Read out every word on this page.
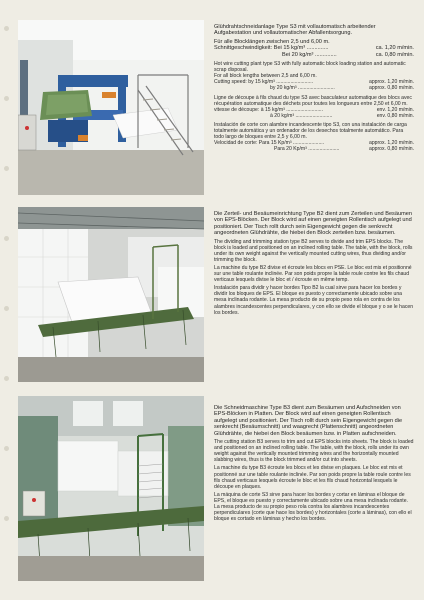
Glühdrahtschneidanlage Type S3 mit vollautomatisch arbeitender Aufgabestation und vollautomatischer Abfallentsorgung.

Für alle Blocklängen zwischen 2,5 und 6,00 m.

Schnittgeschwindigkeit: Bei 15 kg/m³ ..............	ca. 1,20 m/min.
Bei 20 kg/m³ ..............	ca. 0,80 m/min.

Hot wire cutting plant type S3 with fully automatic block loading station and automatic scrap disposal.

For all block lengths between 2,5 and 6,00 m.

Cutting speed: by 15 kg/m³ ..........................	approx. 1,20 m/min.
by 20 kg/m³ ..........................	approx. 0,80 m/min.

Ligne de découpe à fils chaud du type S3 avec basculateur automatique des blocs avec récupération automatique des déchets pour toutes les longueurs entre 2,50 et 6,00 m.

vitesse de découpe: à 15 kg/m³ ..........................	env. 1,20 m/min.
à 20 kg/m³ ..........................	env. 0,80 m/min.

Instalación de corte con alambre incandescente tipo S3, con una instalación de carga totalmente automática y un ordenador de los desechos totalmente automático. Para todo largo de bloques entre 2,5 y 6,00 m.

Velocidad de corte: Para 15 Kp/m³ ......................	approx. 1,20 m/min.
Para 20 Kp/m³ ......................	approx. 0,80 m/min.

Die Zerteil- und Besäumeinrichtung Type B2 dient zum Zerteilen und Besäumen von EPS-Blöcken. Der Block wird auf einen geneigten Rollentisch aufgelegt und positioniert. Der Tisch rollt durch sein Eigengewicht gegen die senkrecht angeordneten Glühdrähte, die hiebei den Block zerteilen bzw. besäumen.

The dividing and trimming station type B2 serves to divide and trim EPS blocks. The block is loaded and positioned on an inclined rolling table. The table, with the block, rolls under its own weight against the vertically mounted cutting wires, thus dividing and/or trimming the block.

La machine du type B2 divise et écroute les blocs en PSE. Le bloc est mis et positionné sur une table roulante inclinée. Par son poids propre la table roule contre les fils chaud verticaux lesquels divise le bloc et / écroute en même temp.

Instalación para dividir y hacer bordes Tipo B2 la cual sirve para hacer los bordes y dividir los bloques de EPS. El bloque es puesto y correctamente ubicado sobre una mesa inclinada rodante. La mesa producto de su propio peso rola en contra de los alambres incandescentes perpendiculares, y con ello se divide el bloque y o se le hacen los bordes.

Die Schneidmaschine Type B3 dient zum Besäumen und Aufschneiden von EPS-Blöcken in Platten. Der Block wird auf einen geneigten Rollentisch aufgelegt und positioniert. Der Tisch rollt durch sein Eigengewicht gegen die senkrecht (Besäumschnitt) und waagrecht (Plattenschnitt) angeordneten Glühdrähte, die hiebei den Block besäumen bzw. in Platten aufschneiden.

The cutting station B3 serves to trim and cut EPS blocks into sheets. The block is loaded and positioned on an inclined rolling table. The table, with the block, rolls under its own weight against the vertically mounted trimming wires and the horizontally mounted slabbing wires, thus is the block trimmed and/or cut into sheets.

La machine du type B3 écroute les blocs et les divise en plaques. Le bloc est mis et positionné sur une table roulante inclinée. Par son poids propre la table roule contre les fils chaud verticaux lesquels écroute le bloc et les fils chaud horizontal lesquels le découpe en plaques.

La máquina de corte S3 sirve para hacer los bordes y cortar en láminas el bloque de EPS, el bloque es puesto y correctamente ubicado sobre una mesa inclinada rodante. La mesa producto de su propio peso rola contra los alambres incandescentes perpendiculares (corte que hace los bordes) y horizontales (corte a láminas), con ello el bloque es cortado en láminas y hecho los bordes.
